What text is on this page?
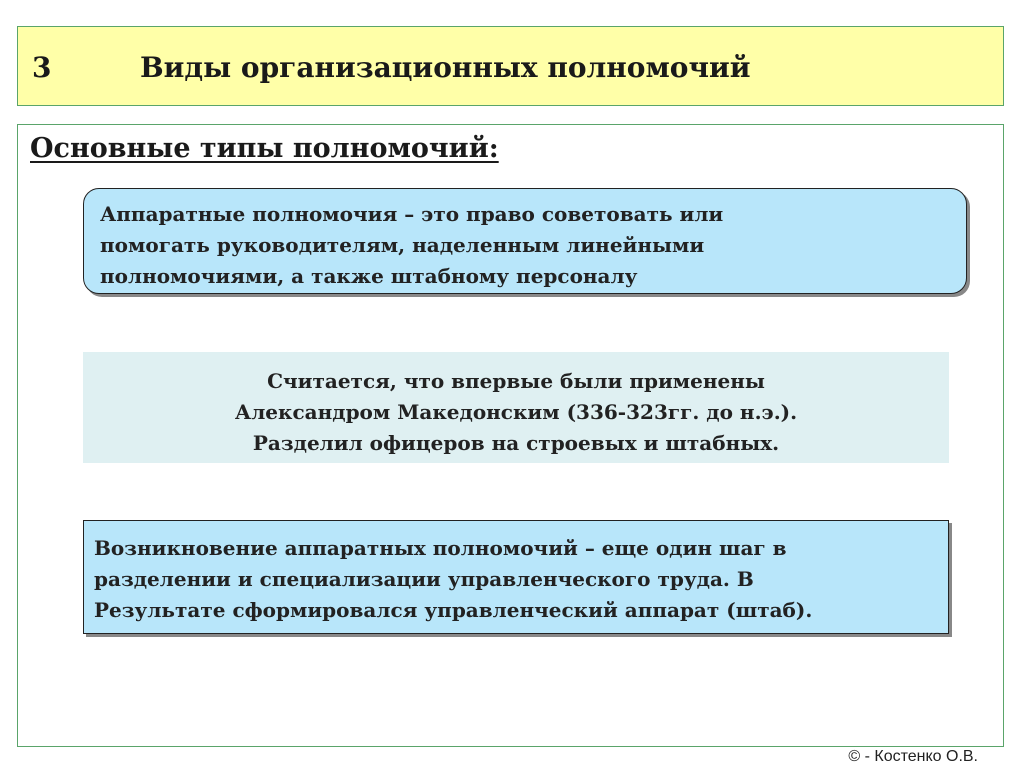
3	Виды организационных полномочий
Основные типы полномочий:
Аппаратные полномочия – это право советовать или
помогать руководителям, наделенным линейными
полномочиями, а также штабному персоналу
Считается, что впервые были применены
Александром Македонским (336-323гг. до н.э.).
Разделил офицеров на строевых и штабных.
Возникновение аппаратных полномочий – еще один шаг в
разделении и специализации управленческого труда. В
Результате сформировался управленческий аппарат (штаб).
© - Костенко О.В.
